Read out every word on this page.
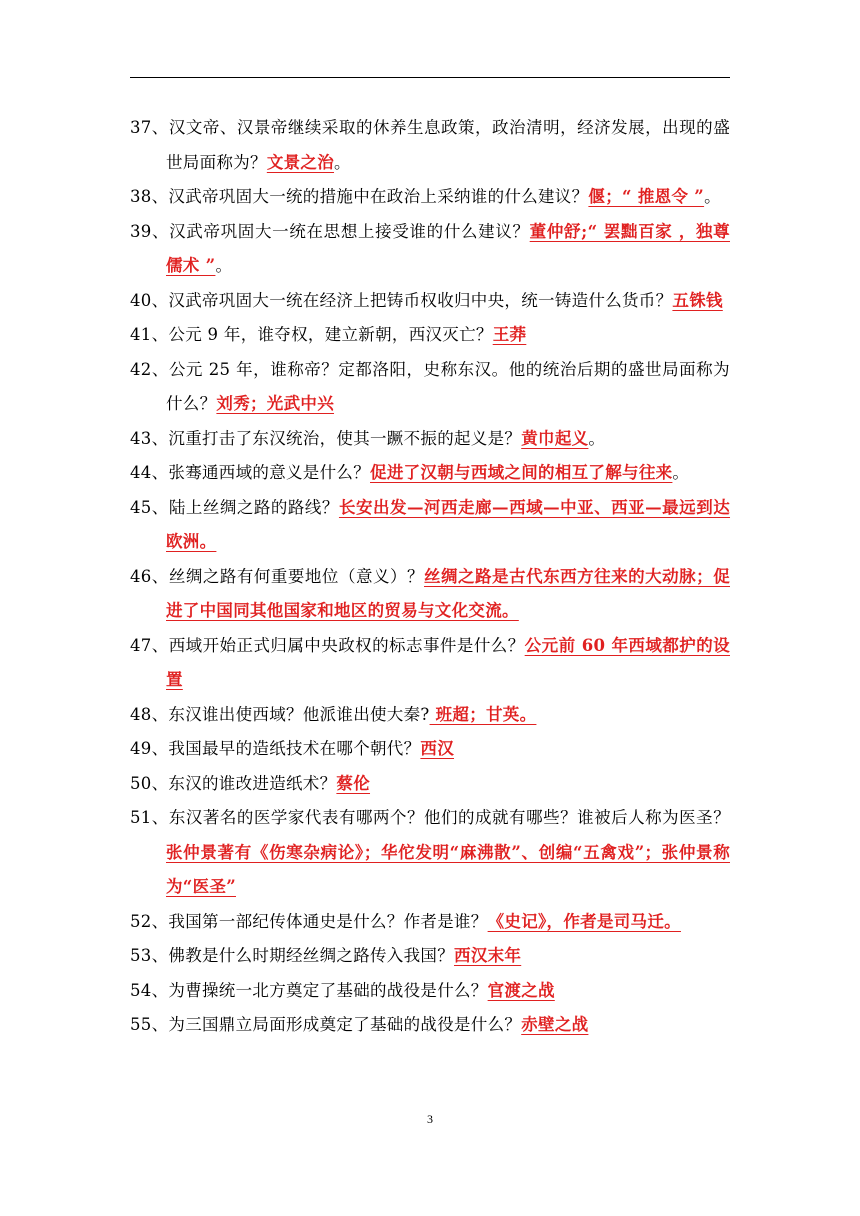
37、汉文帝、汉景帝继续采取的休养生息政策，政治清明，经济发展，出现的盛世局面称为？文景之治。
38、汉武帝巩固大一统的措施中在政治上采纳谁的什么建议？偃；“ 推恩令 ”。
39、汉武帝巩固大一统在思想上接受谁的什么建议？董仲舒;“ 罢黜百家 ，独尊儒术 ”。
40、汉武帝巩固大一统在经济上把铸币权收归中央，统一铸造什么货币？五铢钱
41、公元 9 年，谁夺权，建立新朝，西汉灭亡？王莽
42、公元 25 年，谁称帝？定都洛阳，史称东汉。他的统治后期的盛世局面称为什么？刘秀；光武中兴
43、沉重打击了东汉统治，使其一蹶不振的起义是？黄巾起义。
44、张骞通西域的意义是什么？促进了汉朝与西域之间的相互了解与往来。
45、陆上丝绸之路的路线？长安出发—河西走廊—西域—中亚、西亚—最远到达欧洲。
46、丝绸之路有何重要地位（意义）？丝绸之路是古代东西方往来的大动脉；促进了中国同其他国家和地区的贸易与文化交流。
47、西域开始正式归属中央政权的标志事件是什么？公元前 60 年西域都护的设置
48、东汉谁出使西域？他派谁出使大秦? 班超；甘英。
49、我国最早的造纸技术在哪个朝代？西汉
50、东汉的谁改进造纸术？蔡伦
51、东汉著名的医学家代表有哪两个？他们的成就有哪些？谁被后人称为医圣？张仲景著有《伤寒杂病论》；华佗发明“麻沸散”、创编“五禽戏”；张仲景称为“医圣”
52、我国第一部纪传体通史是什么？作者是谁？《史记》，作者是司马迁。
53、佛教是什么时期经丝绸之路传入我国？西汉末年
54、为曹操统一北方奠定了基础的战役是什么？官渡之战
55、为三国鼎立局面形成奠定了基础的战役是什么？赤壁之战
3
